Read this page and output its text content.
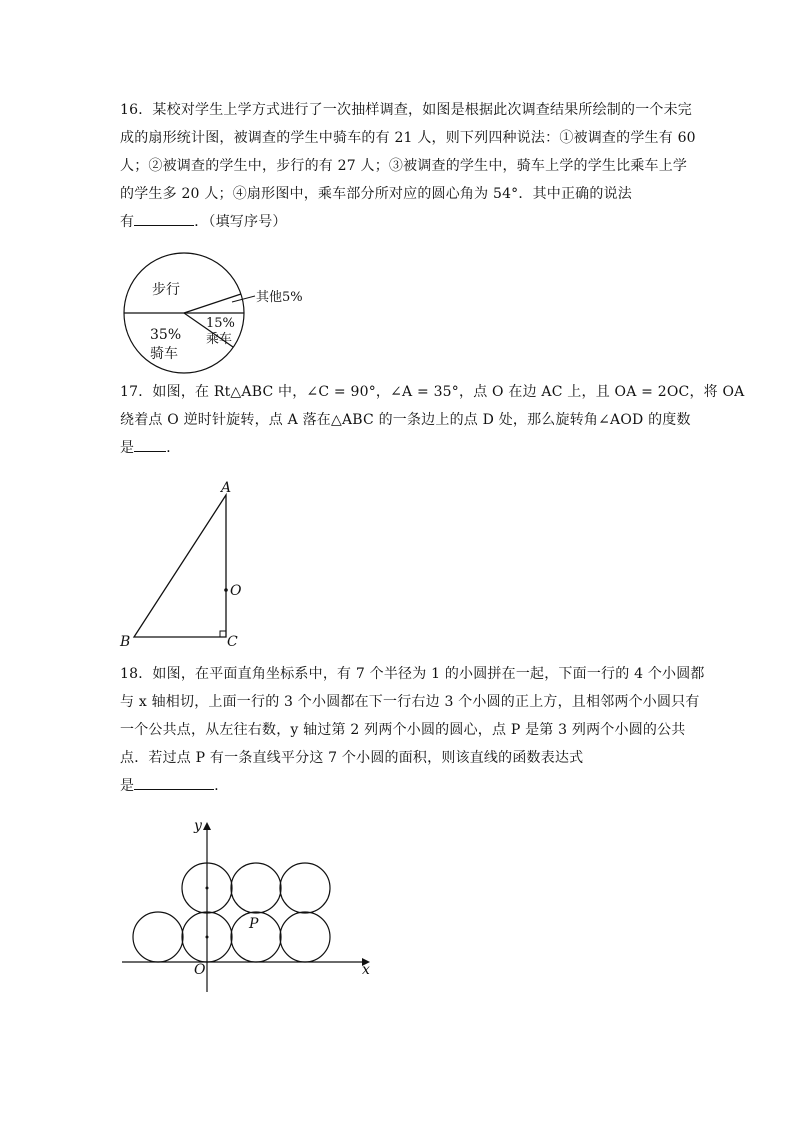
16．某校对学生上学方式进行了一次抽样调查，如图是根据此次调查结果所绘制的一个未完
成的扇形统计图，被调查的学生中骑车的有 21 人，则下列四种说法：①被调查的学生有 60
人；②被调查的学生中，步行的有 27 人；③被调查的学生中，骑车上学的学生比乘车上学
的学生多 20 人；④扇形图中，乘车部分所对应的圆心角为 54°．其中正确的说法
有	．（填写序号）
步行	其他5%
15%
乘车
35%
骑车
17．如图，在 Rt△ABC 中，∠C = 90°，∠A = 35°，点 O 在边 AC 上，且 OA = 2OC，将 OA
绕着点 O 逆时针旋转，点 A 落在△ABC 的一条边上的点 D 处，那么旋转角∠AOD 的度数
是 ．
A
B	C
O
18．如图，在平面直角坐标系中，有 7 个半径为 1 的小圆拼在一起，下面一行的 4 个小圆都
与 x 轴相切，上面一行的 3 个小圆都在下一行右边 3 个小圆的正上方，且相邻两个小圆只有
一个公共点，从左往右数，y 轴过第 2 列两个小圆的圆心，点 P 是第 3 列两个小圆的公共
点．若过点 P 有一条直线平分这 7 个小圆的面积，则该直线的函数表达式
是	．
y
x
O
P
